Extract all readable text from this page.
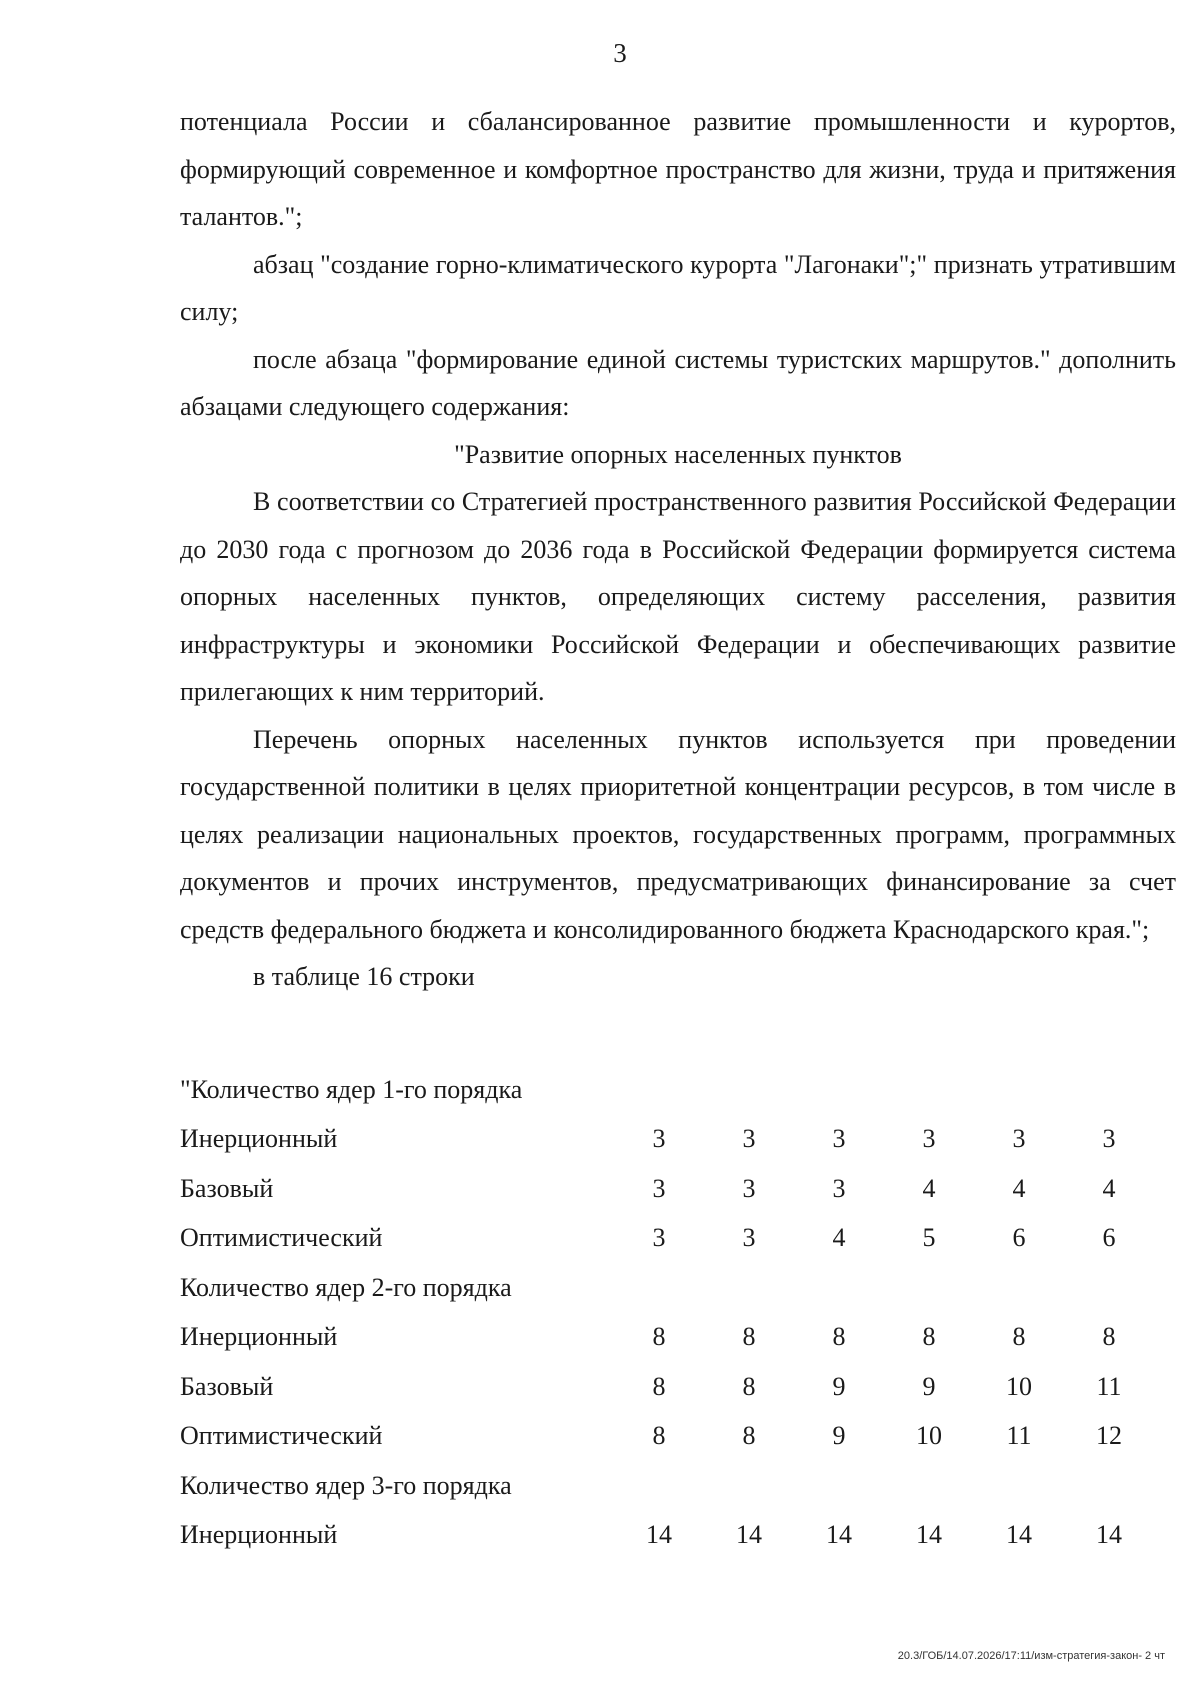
3

потенциала России и сбалансированное развитие промышленности и курортов, формирующий современное и комфортное пространство для жизни, труда и притяжения талантов.";

абзац "создание горно-климатического курорта "Лагонаки";" признать утратившим силу;

после абзаца "формирование единой системы туристских маршрутов." дополнить абзацами следующего содержания:

"Развитие опорных населенных пунктов

В соответствии со Стратегией пространственного развития Российской Федерации до 2030 года с прогнозом до 2036 года в Российской Федерации формируется система опорных населенных пунктов, определяющих систему расселения, развития инфраструктуры и экономики Российской Федерации и обеспечивающих развитие прилегающих к ним территорий.

Перечень опорных населенных пунктов используется при проведении государственной политики в целях приоритетной концентрации ресурсов, в том числе в целях реализации национальных проектов, государственных программ, программных документов и прочих инструментов, предусматривающих финансирование за счет средств федерального бюджета и консолидированного бюджета Краснодарского края.";

в таблице 16 строки

"Количество ядер 1-го порядка						
Инерционный	3	3	3	3	3	3
Базовый	3	3	3	4	4	4
Оптимистический	3	3	4	5	6	6
Количество ядер 2-го порядка						
Инерционный	8	8	8	8	8	8
Базовый	8	8	9	9	10	11
Оптимистический	8	8	9	10	11	12
Количество ядер 3-го порядка						
Инерционный	14	14	14	14	14	14
20.3/ГОБ/14.07.2026/17:11/изм-стратегия-закон- 2 чт
